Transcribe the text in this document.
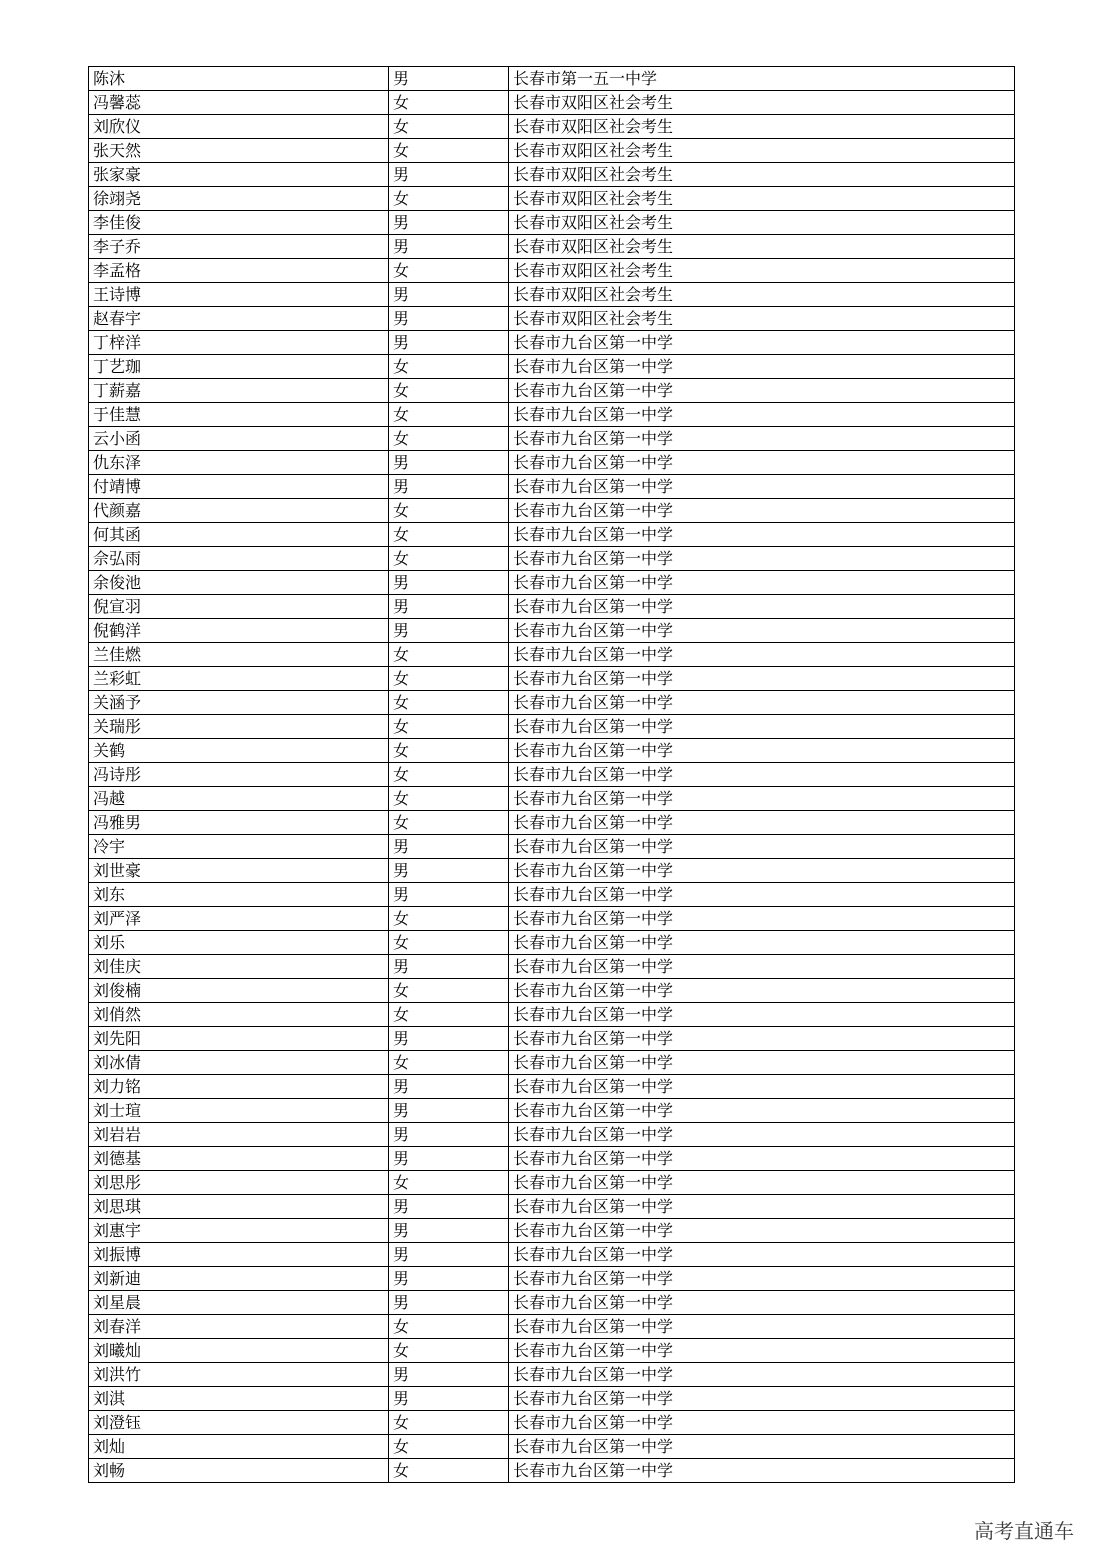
陈沐	男	长春市第一五一中学
冯馨蕊	女	长春市双阳区社会考生
刘欣仪	女	长春市双阳区社会考生
张天然	女	长春市双阳区社会考生
张家豪	男	长春市双阳区社会考生
徐翊尧	女	长春市双阳区社会考生
李佳俊	男	长春市双阳区社会考生
李子乔	男	长春市双阳区社会考生
李孟格	女	长春市双阳区社会考生
王诗博	男	长春市双阳区社会考生
赵春宇	男	长春市双阳区社会考生
丁梓洋	男	长春市九台区第一中学
丁艺珈	女	长春市九台区第一中学
丁薪嘉	女	长春市九台区第一中学
于佳慧	女	长春市九台区第一中学
云小函	女	长春市九台区第一中学
仇东泽	男	长春市九台区第一中学
付靖博	男	长春市九台区第一中学
代颜嘉	女	长春市九台区第一中学
何其函	女	长春市九台区第一中学
佘弘雨	女	长春市九台区第一中学
余俊池	男	长春市九台区第一中学
倪宣羽	男	长春市九台区第一中学
倪鹤洋	男	长春市九台区第一中学
兰佳燃	女	长春市九台区第一中学
兰彩虹	女	长春市九台区第一中学
关涵予	女	长春市九台区第一中学
关瑞彤	女	长春市九台区第一中学
关鹤	女	长春市九台区第一中学
冯诗彤	女	长春市九台区第一中学
冯越	女	长春市九台区第一中学
冯雅男	女	长春市九台区第一中学
冷宇	男	长春市九台区第一中学
刘世豪	男	长春市九台区第一中学
刘东	男	长春市九台区第一中学
刘严泽	女	长春市九台区第一中学
刘乐	女	长春市九台区第一中学
刘佳庆	男	长春市九台区第一中学
刘俊楠	女	长春市九台区第一中学
刘俏然	女	长春市九台区第一中学
刘先阳	男	长春市九台区第一中学
刘冰倩	女	长春市九台区第一中学
刘力铭	男	长春市九台区第一中学
刘士瑄	男	长春市九台区第一中学
刘岩岩	男	长春市九台区第一中学
刘德基	男	长春市九台区第一中学
刘思彤	女	长春市九台区第一中学
刘思琪	男	长春市九台区第一中学
刘惠宇	男	长春市九台区第一中学
刘振博	男	长春市九台区第一中学
刘新迪	男	长春市九台区第一中学
刘星晨	男	长春市九台区第一中学
刘春洋	女	长春市九台区第一中学
刘曦灿	女	长春市九台区第一中学
刘洪竹	男	长春市九台区第一中学
刘淇	男	长春市九台区第一中学
刘澄钰	女	长春市九台区第一中学
刘灿	女	长春市九台区第一中学
刘畅	女	长春市九台区第一中学
高考直通车
